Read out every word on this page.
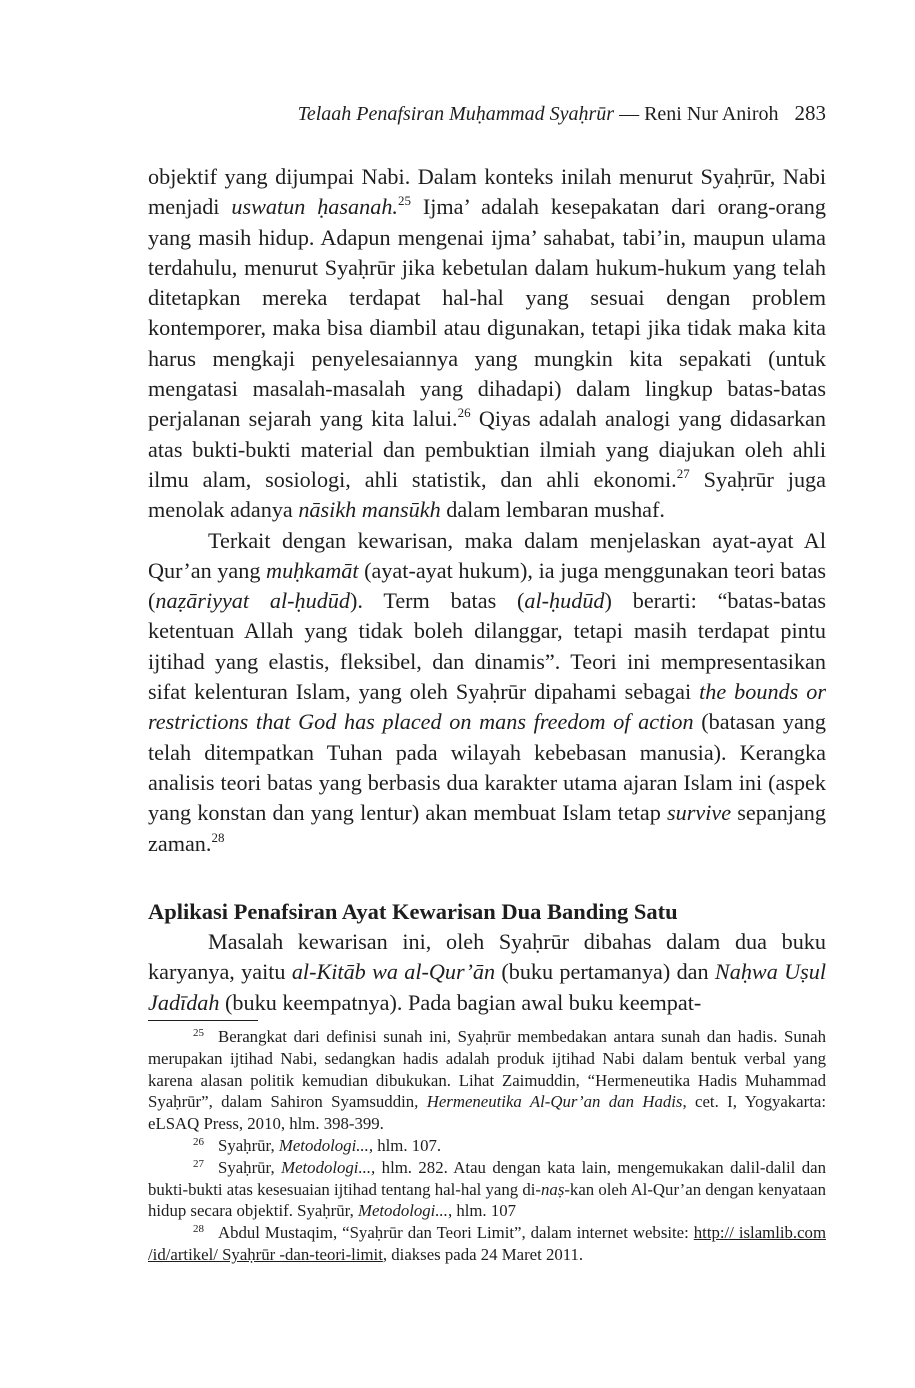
Telaah Penafsiran Muḥammad Syaḥrūr — Reni Nur Aniroh 283

objektif yang dijumpai Nabi. Dalam konteks inilah menurut Syaḥrūr, Nabi menjadi uswatun ḥasanah.$^{25}$ Ijma’ adalah kesepakatan dari orang-orang yang masih hidup. Adapun mengenai ijma’ sahabat, tabi’in, maupun ulama terdahulu, menurut Syaḥrūr jika kebetulan dalam hukum-hukum yang telah ditetapkan mereka terdapat hal-hal yang sesuai dengan problem kontemporer, maka bisa diambil atau digunakan, tetapi jika tidak maka kita harus mengkaji penyelesaiannya yang mungkin kita sepakati (untuk mengatasi masalah-masalah yang dihadapi) dalam lingkup batas-batas perjalanan sejarah yang kita lalui.$^{26}$ Qiyas adalah analogi yang didasarkan atas bukti-bukti material dan pembuktian ilmiah yang diajukan oleh ahli ilmu alam, sosiologi, ahli statistik, dan ahli ekonomi.$^{27}$ Syaḥrūr juga menolak adanya nāsikh mansūkh dalam lembaran mushaf.

Terkait dengan kewarisan, maka dalam menjelaskan ayat-ayat Al Qur’an yang muḥkamāt (ayat-ayat hukum), ia juga menggunakan teori batas (naẓāriyyat al-ḥudūd). Term batas (al-ḥudūd) berarti: “batas-batas ketentuan Allah yang tidak boleh dilanggar, tetapi masih terdapat pintu ijtihad yang elastis, fleksibel, dan dinamis”. Teori ini mempresentasikan sifat kelenturan Islam, yang oleh Syaḥrūr dipahami sebagai the bounds or restrictions that God has placed on mans freedom of action (batasan yang telah ditempatkan Tuhan pada wilayah kebebasan manusia). Kerangka analisis teori batas yang berbasis dua karakter utama ajaran Islam ini (aspek yang konstan dan yang lentur) akan membuat Islam tetap survive sepanjang zaman.$^{28}$

Aplikasi Penafsiran Ayat Kewarisan Dua Banding Satu

Masalah kewarisan ini, oleh Syaḥrūr dibahas dalam dua buku karyanya, yaitu al-Kitāb wa al-Qur’ān (buku pertamanya) dan Naḥwa Uṣul Jadīdah (buku keempatnya). Pada bagian awal buku keempat-

$^{25}$ Berangkat dari definisi sunah ini, Syaḥrūr membedakan antara sunah dan hadis. Sunah merupakan ijtihad Nabi, sedangkan hadis adalah produk ijtihad Nabi dalam bentuk verbal yang karena alasan politik kemudian dibukukan. Lihat Zaimuddin, “Hermeneutika Hadis Muhammad Syaḥrūr”, dalam Sahiron Syamsuddin, Hermeneutika Al-Qur’an dan Hadis, cet. I, Yogyakarta: eLSAQ Press, 2010, hlm. 398-399.

$^{26}$ Syaḥrūr, Metodologi..., hlm. 107.

$^{27}$ Syaḥrūr, Metodologi..., hlm. 282. Atau dengan kata lain, mengemukakan dalil-dalil dan bukti-bukti atas kesesuaian ijtihad tentang hal-hal yang di-naṣ-kan oleh Al-Qur’an dengan kenyataan hidup secara objektif. Syaḥrūr, Metodologi..., hlm. 107

$^{28}$ Abdul Mustaqim, “Syaḥrūr dan Teori Limit”, dalam internet website: http:// islamlib.com /id/artikel/ Syaḥrūr -dan-teori-limit, diakses pada 24 Maret 2011.
